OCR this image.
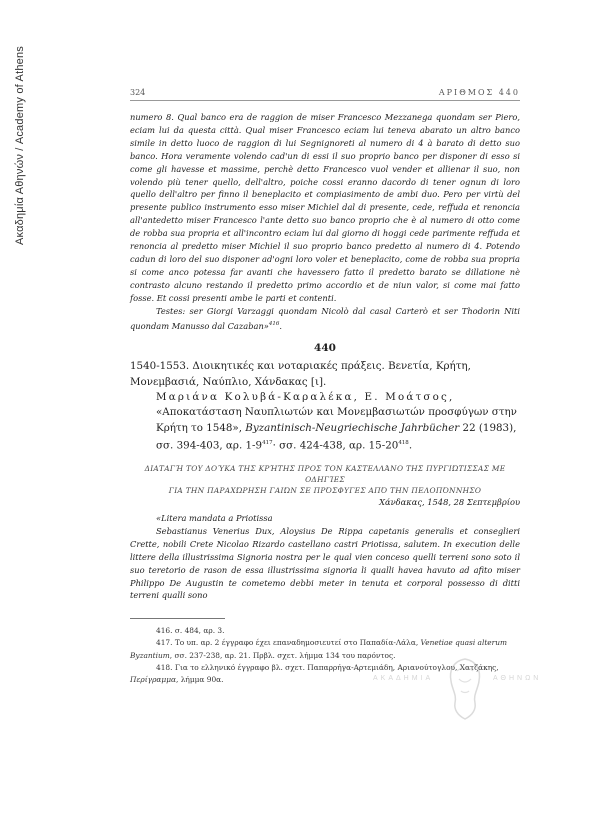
Ακαδημία Αθηνών / Academy of Athens	324	ΑΡΙΘΜΟΣ 440

numero 8. Qual banco era de raggion de miser Francesco Mezzanega quondam ser Piero, eciam lui da questa città. Qual miser Francesco eciam lui teneva abarato un altro banco simile in detto luoco de raggion di lui Segnignoreti al numero di 4 à barato di detto suo banco. Hora veramente volendo cad'un di essi il suo proprio banco per disponer di esso si come gli havesse et massime, perchè detto Francesco vuol vender et allienar il suo, non volendo più tener quello, dell'altro, poiche cossi eranno dacordo di tener ognun di loro quello dell'altro per finno il beneplacito et compiasimento de ambi duo. Pero per virtù del presente publico instrumento esso miser Michiel dal di presente, cede, reffuda et renoncia all'antedetto miser Francesco l'ante detto suo banco proprio che è al numero di otto come de robba sua propria et all'incontro eciam lui dal giorno di hoggi cede parimente reffuda et renoncia al predetto miser Michiel il suo proprio banco predetto al numero di 4. Potendo cadun di loro del suo disponer ad'ogni loro voler et beneplacito, come de robba sua propria si come anco potessa far avanti che havessero fatto il predetto barato se dillatione nè contrasto alcuno restando il predetto primo accordio et de niun valor, si come mai fatto fosse. Et cossi presenti ambe le parti et contenti.

Testes: ser Giorgi Varzaggi quondam Nicolò dal casal Carterò et ser Thodorin Niti quondam Manusso dal Cazaban»$^{416}$.

440
1540-1553. Διοικητικές και νοταριακές πράξεις. Βενετία, Κρήτη, Μονεμβασιά, Ναύπλιο, Χάνδακας [ι].
Μαριάνα Κολυβά-Καραλέκα, Ε. Μοάτσος, «Αποκατάσταση Ναυπλιωτών και Μονεμβασιωτών προσφύγων στην Κρήτη το 1548», Byzantinisch-Neugriechische Jahrbücher 22 (1983), σσ. 394-403, αρ. $1-9^{417}\cdot \sigma\sigma$. 424-438, αρ. $15-20^{418}$.
ΔΙΑΤΑΓΉ ΤΟΥ ΔΟΎΚΑ ΤΗΣ ΚΡΉΤΗΣ ΠΡΟΣ ΤΟΝ ΚΑΣΤΕΛΛΆΝΟ ΤΗΣ ΠΥΡΓΙΏΤΙΣΣΑΣ ΜΕ ΟΔΗΓΊΕΣ
ΓΙΑ ΤΗΝ ΠΑΡΑΧΏΡΗΣΗ ΓΑΙΏΝ ΣΕ ΠΡΌΣΦΥΓΕΣ ΑΠΌ ΤΗΝ ΠΕΛΟΠΌΝΝΗΣΟ
Χάνδακας, 1548, 28 Σεπτεμβρίου

«Litera mandata a Priotissa

Sebastianus Venerius Dux, Aloysius De Rippa capetanis generalis et conseglieri Crette, nobili Crete Nicolao Rizardo castellano castri Priotissa, salutem. In execution delle littere della illustrissima Signoria nostra per le qual vien conceso quelli terreni sono soto il suo teretorio de rason de essa illustrissima signoria li qualli havea havuto ad afito miser Philippo De Augustin te cometemo debbi meter in tenuta et corporal possesso di ditti terreni qualli sono

416. σ. 484, αρ. 3.

417. Το υπ. αρ. 2 έγγραφο έχει επαναδημοσιευτεί στο Παπαδία-Λάλα, Venetiae quasi alterum Byzantium, σσ. 237-238, αρ. 21. Πρβλ. σχετ. λήμμα 134 του παρόντος.

418. Για το ελληνικό έγγραφο βλ. σχετ. Παπαρρήγα-Αρτεμιάδη, Αριανούτογλου, Χατζάκης, Περίγραμμα, λήμμα 90α.	ΑΚΑΔΗΜΙΑ	ΑΘΗΝΩΝ
